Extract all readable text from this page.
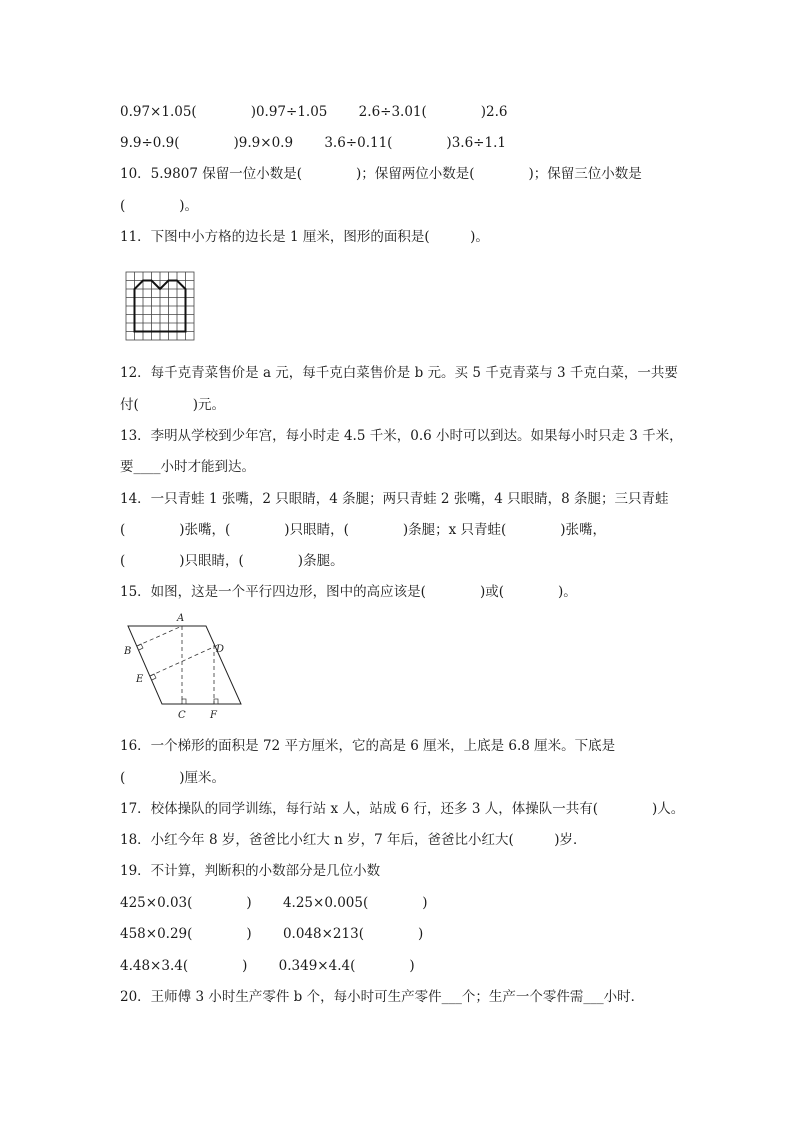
0.97×1.05(　　　　)0.97÷1.05　　 2.6÷3.01(　　　　)2.6
9.9÷0.9(　　　　)9.9×0.9　　 3.6÷0.11(　　　　)3.6÷1.1
10．5.9807 保留一位小数是(　　　　)；保留两位小数是(　　　　)；保留三位小数是
(　　　　)。
11．下图中小方格的边长是 1 厘米，图形的面积是(　　　)。
12．每千克青菜售价是 a 元，每千克白菜售价是 b 元。买 5 千克青菜与 3 千克白菜，一共要
付(　　　　)元。
13．李明从学校到少年宫，每小时走 4.5 千米，0.6 小时可以到达。如果每小时只走 3 千米，
要____小时才能到达。
14．一只青蛙 1 张嘴，2 只眼睛，4 条腿；两只青蛙 2 张嘴，4 只眼睛，8 条腿；三只青蛙
(　　　　)张嘴，(　　　　)只眼睛，(　　　　)条腿；x 只青蛙(　　　　)张嘴，
(　　　　)只眼睛，(　　　　)条腿。
15．如图，这是一个平行四边形，图中的高应该是(　　　　)或(　　　　)。
A
B	D
E
C F
16．一个梯形的面积是 72 平方厘米，它的高是 6 厘米，上底是 6.8 厘米。下底是
(　　　　)厘米。
17．校体操队的同学训练，每行站 x 人，站成 6 行，还多 3 人，体操队一共有(　　　　)人。
18．小红今年 8 岁，爸爸比小红大 n 岁，7 年后，爸爸比小红大(　　　)岁．
19．不计算，判断积的小数部分是几位小数
425×0.03(　　　　)　　 4.25×0.005(　　　　)
458×0.29(　　　　)　　 0.048×213(　　　　)
4.48×3.4(　　　　)　　 0.349×4.4(　　　　)
20．王师傅 3 小时生产零件 b 个，每小时可生产零件___个；生产一个零件需___小时．
